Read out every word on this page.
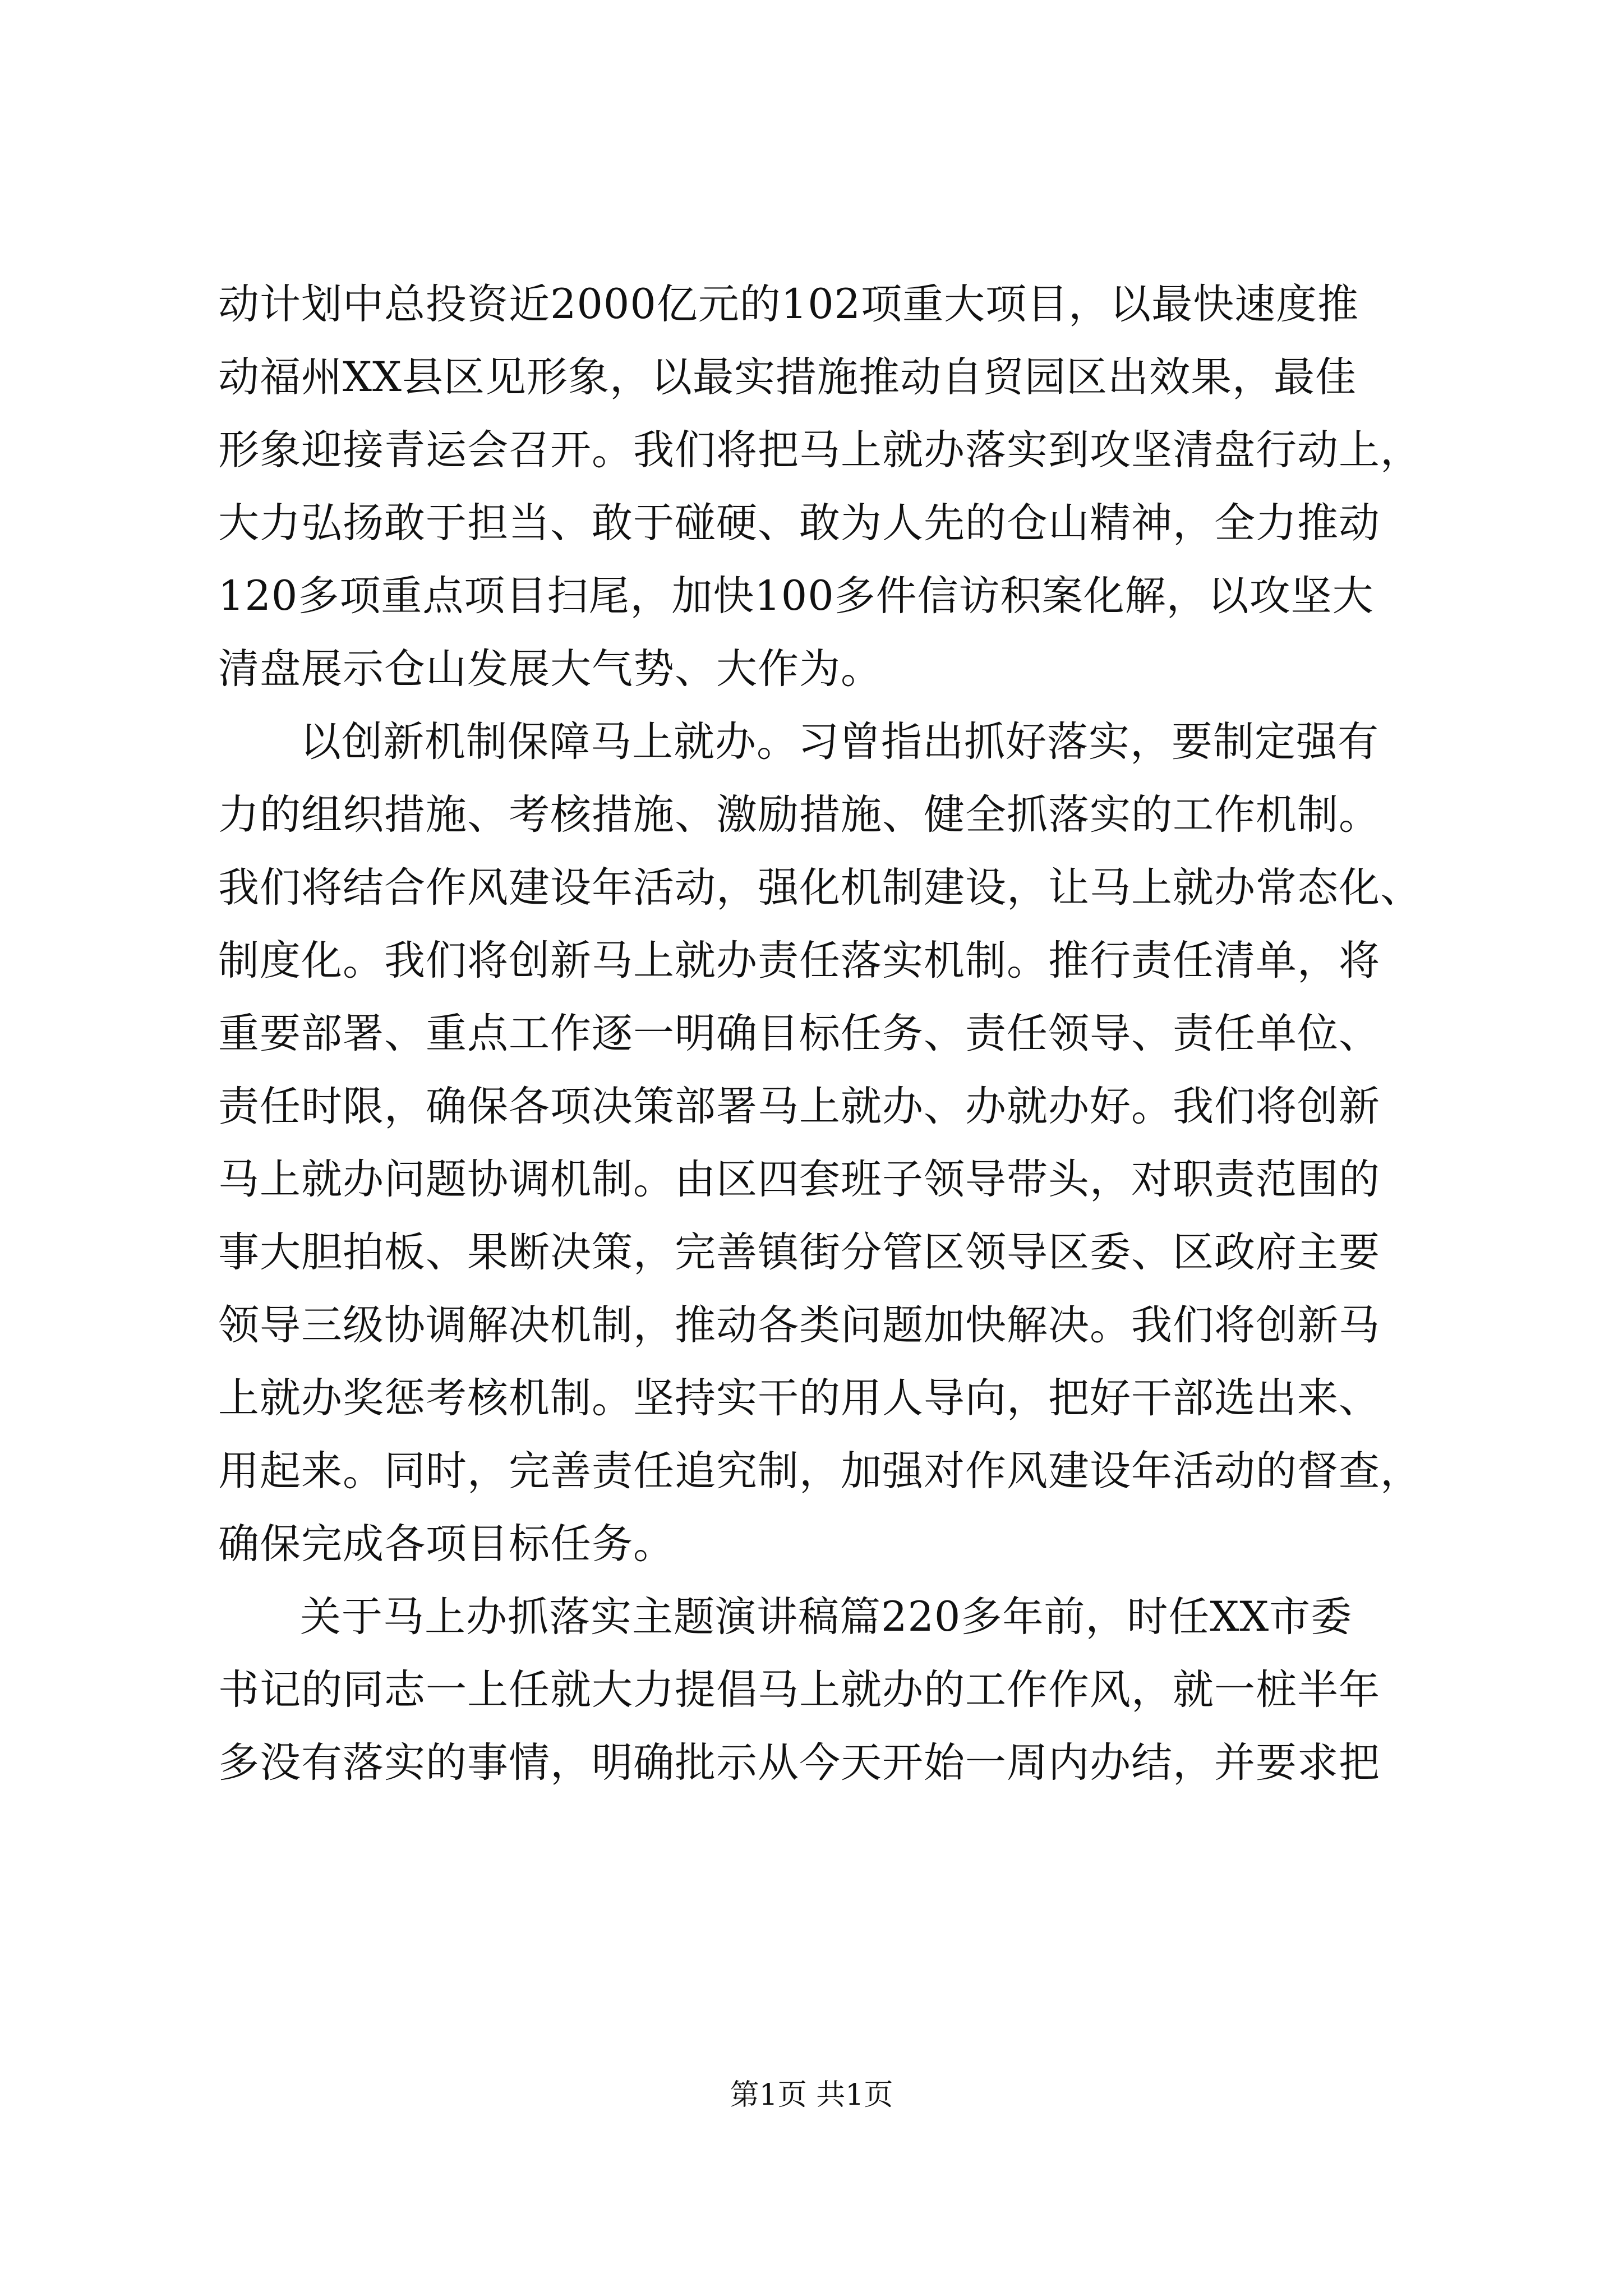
动计划中总投资近2000亿元的102项重大项目，以最快速度推
动福州XX县区见形象，以最实措施推动自贸园区出效果，最佳
形象迎接青运会召开。我们将把马上就办落实到攻坚清盘行动上，
大力弘扬敢于担当、敢于碰硬、敢为人先的仓山精神，全力推动
120多项重点项目扫尾，加快100多件信访积案化解，以攻坚大
清盘展示仓山发展大气势、大作为。
以创新机制保障马上就办。习曾指出抓好落实，要制定强有
力的组织措施、考核措施、激励措施、健全抓落实的工作机制。
我们将结合作风建设年活动，强化机制建设，让马上就办常态化、
制度化。我们将创新马上就办责任落实机制。推行责任清单，将
重要部署、重点工作逐一明确目标任务、责任领导、责任单位、
责任时限，确保各项决策部署马上就办、办就办好。我们将创新
马上就办问题协调机制。由区四套班子领导带头，对职责范围的
事大胆拍板、果断决策，完善镇街分管区领导区委、区政府主要
领导三级协调解决机制，推动各类问题加快解决。我们将创新马
上就办奖惩考核机制。坚持实干的用人导向，把好干部选出来、
用起来。同时，完善责任追究制，加强对作风建设年活动的督查，
确保完成各项目标任务。
关于马上办抓落实主题演讲稿篇220多年前，时任XX市委
书记的同志一上任就大力提倡马上就办的工作作风，就一桩半年
多没有落实的事情，明确批示从今天开始一周内办结，并要求把
第1页 共1页
